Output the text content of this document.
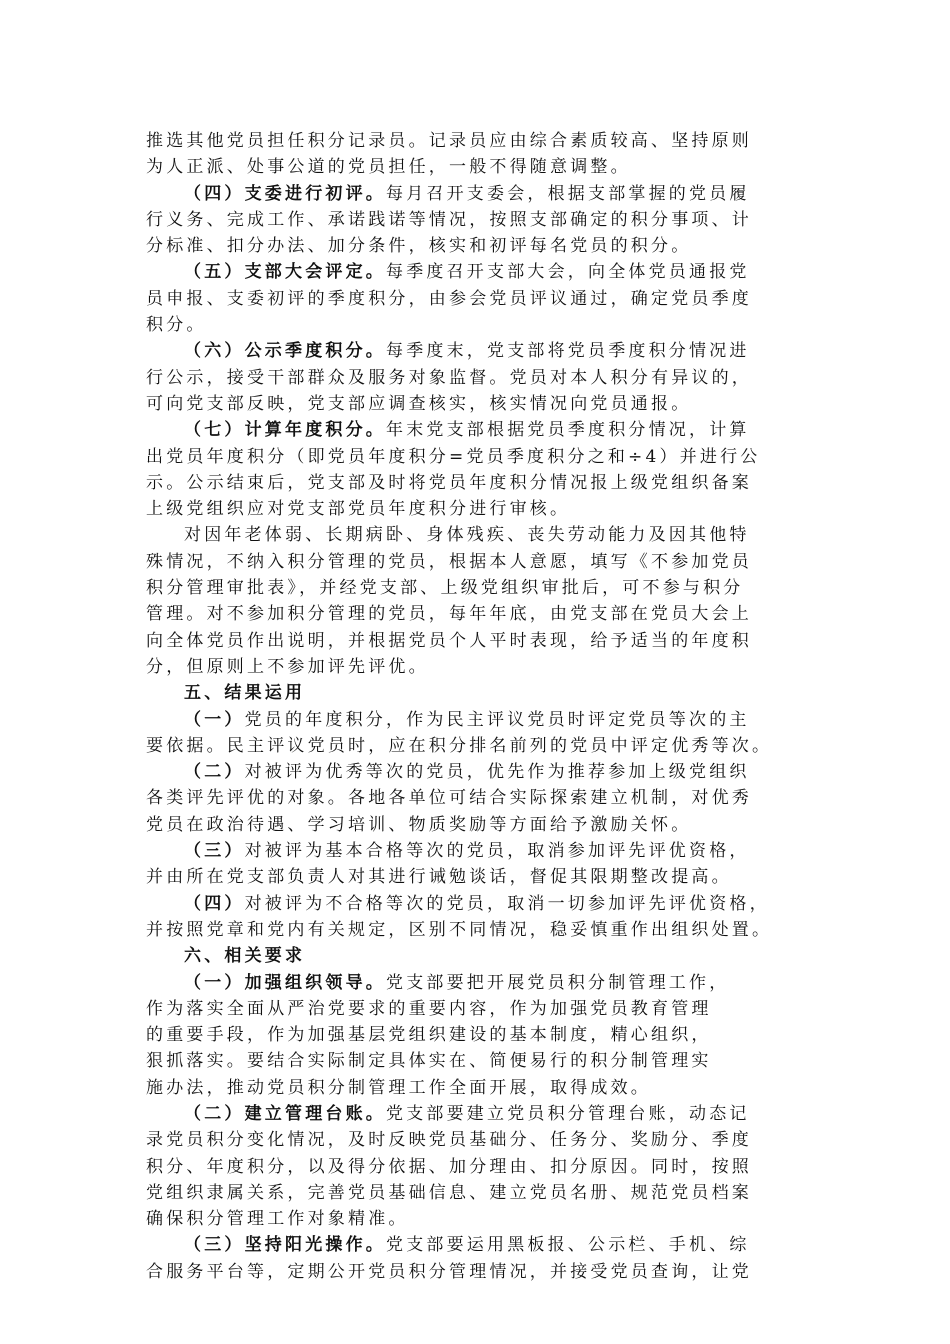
推选其他党员担任积分记录员。记录员应由综合素质较高、坚持原则
为人正派、处事公道的党员担任，一般不得随意调整。
（四）支委进行初评。每月召开支委会，根据支部掌握的党员履
行义务、完成工作、承诺践诺等情况，按照支部确定的积分事项、计
分标准、扣分办法、加分条件，核实和初评每名党员的积分。
（五）支部大会评定。每季度召开支部大会，向全体党员通报党
员申报、支委初评的季度积分，由参会党员评议通过，确定党员季度
积分。
（六）公示季度积分。每季度末，党支部将党员季度积分情况进
行公示，接受干部群众及服务对象监督。党员对本人积分有异议的，
可向党支部反映，党支部应调查核实，核实情况向党员通报。
（七）计算年度积分。年末党支部根据党员季度积分情况，计算
出党员年度积分（即党员年度积分=党员季度积分之和÷4）并进行公
示。公示结束后，党支部及时将党员年度积分情况报上级党组织备案
上级党组织应对党支部党员年度积分进行审核。
对因年老体弱、长期病卧、身体残疾、丧失劳动能力及因其他特
殊情况，不纳入积分管理的党员，根据本人意愿，填写《不参加党员
积分管理审批表》，并经党支部、上级党组织审批后，可不参与积分
管理。对不参加积分管理的党员，每年年底，由党支部在党员大会上
向全体党员作出说明，并根据党员个人平时表现，给予适当的年度积
分，但原则上不参加评先评优。
五、结果运用
（一）党员的年度积分，作为民主评议党员时评定党员等次的主
要依据。民主评议党员时，应在积分排名前列的党员中评定优秀等次。
（二）对被评为优秀等次的党员，优先作为推荐参加上级党组织
各类评先评优的对象。各地各单位可结合实际探索建立机制，对优秀
党员在政治待遇、学习培训、物质奖励等方面给予激励关怀。
（三）对被评为基本合格等次的党员，取消参加评先评优资格，
并由所在党支部负责人对其进行诫勉谈话，督促其限期整改提高。
（四）对被评为不合格等次的党员，取消一切参加评先评优资格，
并按照党章和党内有关规定，区别不同情况，稳妥慎重作出组织处置。
六、相关要求
（一）加强组织领导。党支部要把开展党员积分制管理工作，
作为落实全面从严治党要求的重要内容，作为加强党员教育管理
的重要手段，作为加强基层党组织建设的基本制度，精心组织，
狠抓落实。要结合实际制定具体实在、简便易行的积分制管理实
施办法，推动党员积分制管理工作全面开展，取得成效。
（二）建立管理台账。党支部要建立党员积分管理台账，动态记
录党员积分变化情况，及时反映党员基础分、任务分、奖励分、季度
积分、年度积分，以及得分依据、加分理由、扣分原因。同时，按照
党组织隶属关系，完善党员基础信息、建立党员名册、规范党员档案
确保积分管理工作对象精准。
（三）坚持阳光操作。党支部要运用黑板报、公示栏、手机、综
合服务平台等，定期公开党员积分管理情况，并接受党员查询，让党
